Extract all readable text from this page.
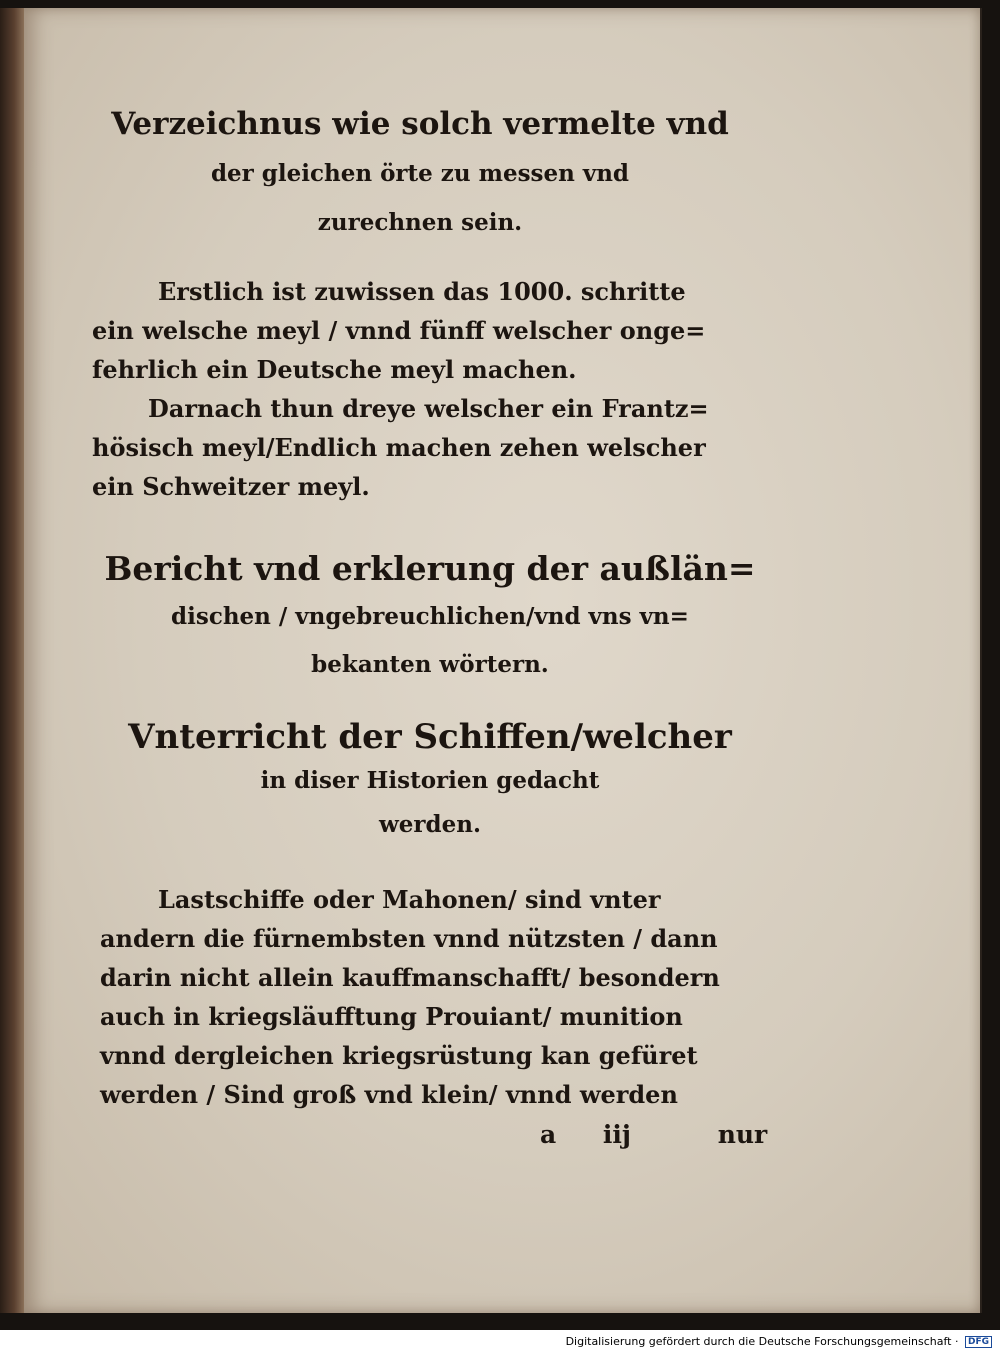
Verzeichnus wie solch vermelte vnd
der gleichen örte zu messen vnd
zurechnen sein.
Erstlich ist zuwissen das 1000. schritte
ein welsche meyl / vnnd fünff welscher onge=
fehrlich ein Deutsche meyl machen.
Darnach thun dreye welscher ein Frantz=
hösisch meyl/Endlich machen zehen welscher
ein Schweitzer meyl.
Bericht vnd erklerung der außlän=
dischen / vngebreuchlichen/vnd vns vn=
bekanten wörtern.
Vnterricht der Schiffen/welcher
in diser Historien gedacht
werden.
Lastschiffe oder Mahonen/ sind vnter
andern die fürnembsten vnnd nützsten / dann
darin nicht allein kauffmanschafft/ besondern
auch in kriegsläufftung Prouiant/ munition
vnnd dergleichen kriegsrüstung kan gefüret
werden / Sind groß vnd klein/ vnnd werden
a iij	nur
Digitalisierung gefördert durch die Deutsche Forschungsgemeinschaft · DFG
